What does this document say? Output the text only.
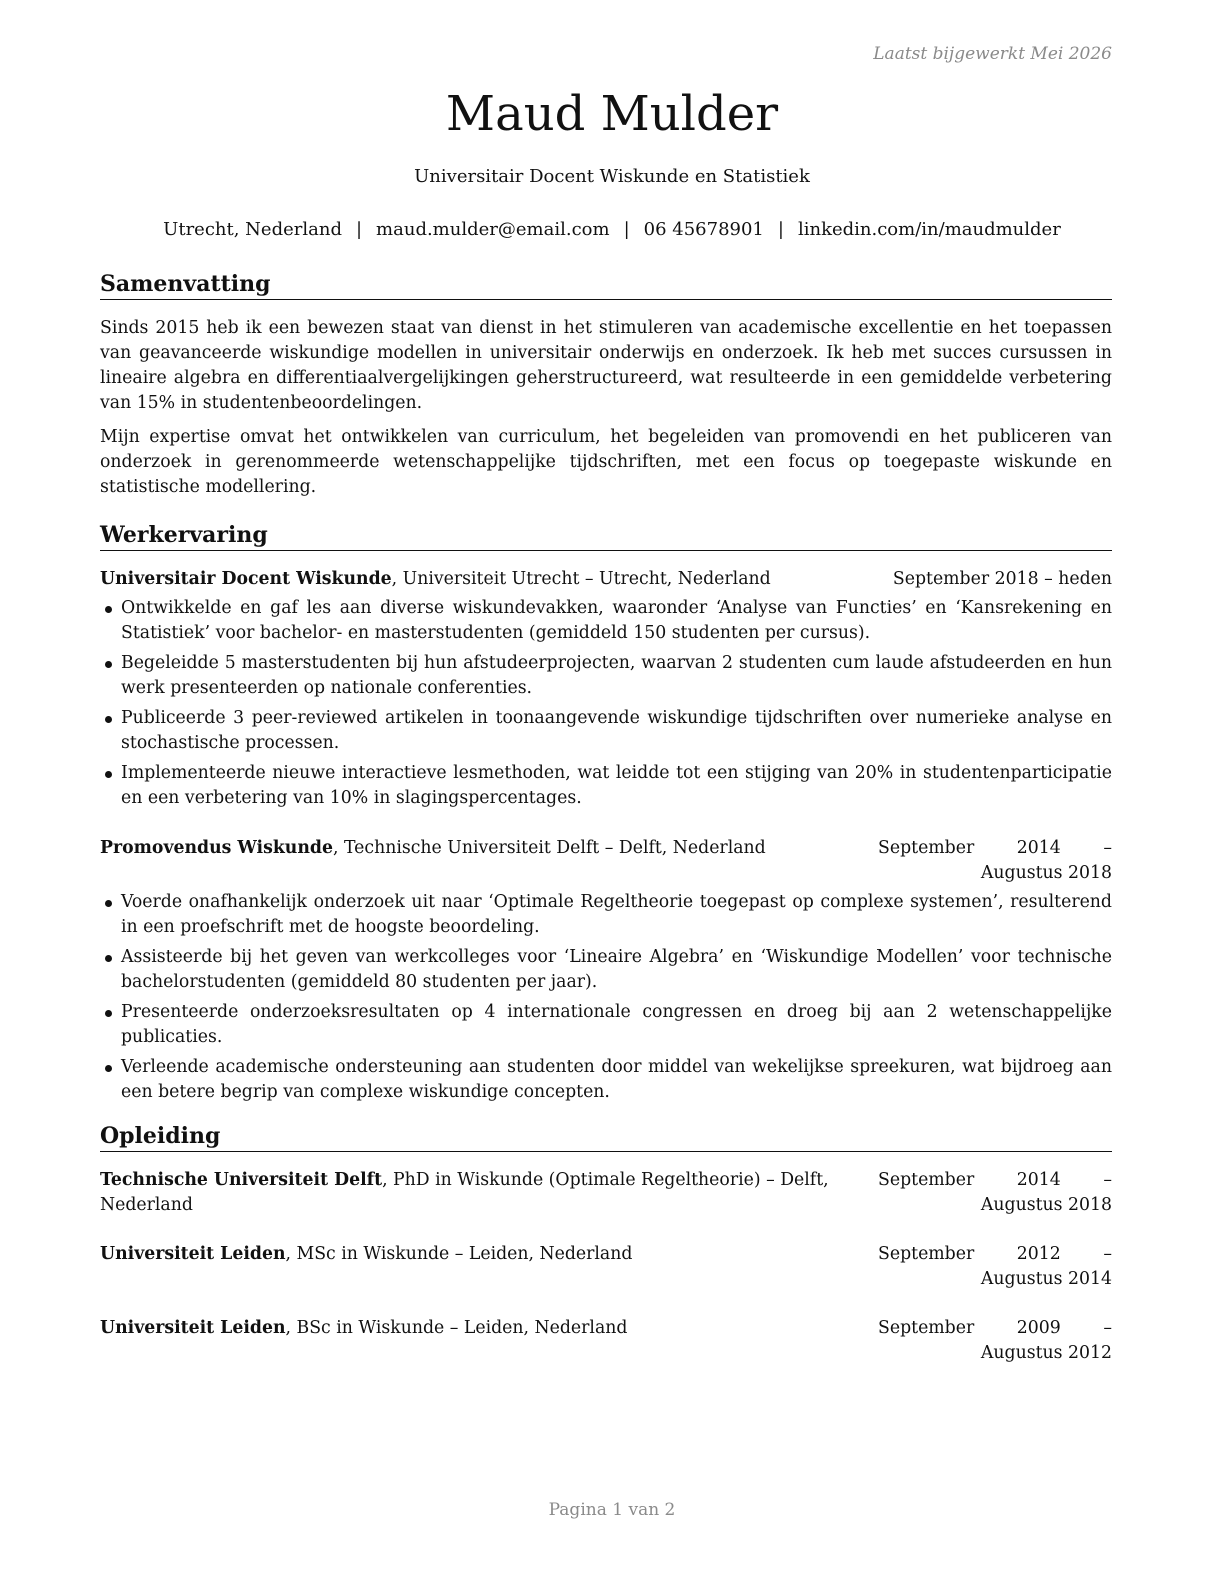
Laatst bijgewerkt Mei 2026
Maud Mulder
Universitair Docent Wiskunde en Statistiek
Utrecht, Nederland | maud.mulder@email.com | 06 45678901 | linkedin.com/in/maudmulder
Samenvatting

Sinds 2015 heb ik een bewezen staat van dienst in het stimuleren van academische excellentie en het toepassen van geavanceerde wiskundige modellen in universitair onderwijs en onderzoek. Ik heb met succes cursussen in lineaire algebra en differentiaalvergelijkingen geherstructureerd, wat resulteerde in een gemiddelde verbetering van 15% in studentenbeoordelingen.

Mijn expertise omvat het ontwikkelen van curriculum, het begeleiden van promovendi en het publiceren van onderzoek in gerenommeerde wetenschappelijke tijdschriften, met een focus op toegepaste wiskunde en statistische modellering.

Werkervaring
Universitair Docent Wiskunde, Universiteit Utrecht – Utrecht, Nederland	September 2018 – heden
Ontwikkelde en gaf les aan diverse wiskundevakken, waaronder ‘Analyse van Functies’ en ‘Kansrekening en Statistiek’ voor bachelor- en masterstudenten (gemiddeld 150 studenten per cursus).
Begeleidde 5 masterstudenten bij hun afstudeerprojecten, waarvan 2 studenten cum laude afstudeerden en hun werk presenteerden op nationale conferenties.
Publiceerde 3 peer-reviewed artikelen in toonaangevende wiskundige tijdschriften over numerieke analyse en stochastische processen.
Implementeerde nieuwe interactieve lesmethoden, wat leidde tot een stijging van 20% in studentenparticipatie en een verbetering van 10% in slagingspercentages.
Promovendus Wiskunde, Technische Universiteit Delft – Delft, Nederland	September 2014 – Augustus 2018
Voerde onafhankelijk onderzoek uit naar ‘Optimale Regeltheorie toegepast op complexe systemen’, resulterend in een proefschrift met de hoogste beoordeling.
Assisteerde bij het geven van werkcolleges voor ‘Lineaire Algebra’ en ‘Wiskundige Modellen’ voor technische bachelorstudenten (gemiddeld 80 studenten per jaar).
Presenteerde onderzoeksresultaten op 4 internationale congressen en droeg bij aan 2 wetenschappelijke publicaties.
Verleende academische ondersteuning aan studenten door middel van wekelijkse spreekuren, wat bijdroeg aan een betere begrip van complexe wiskundige concepten.
Opleiding
Technische Universiteit Delft, PhD in Wiskunde (Optimale Regeltheorie) – Delft, Nederland
September 2014 – Augustus 2018
Universiteit Leiden, MSc in Wiskunde – Leiden, Nederland	September 2012 – Augustus 2014
Universiteit Leiden, BSc in Wiskunde – Leiden, Nederland	September 2009 – Augustus 2012
Pagina 1 van 2
